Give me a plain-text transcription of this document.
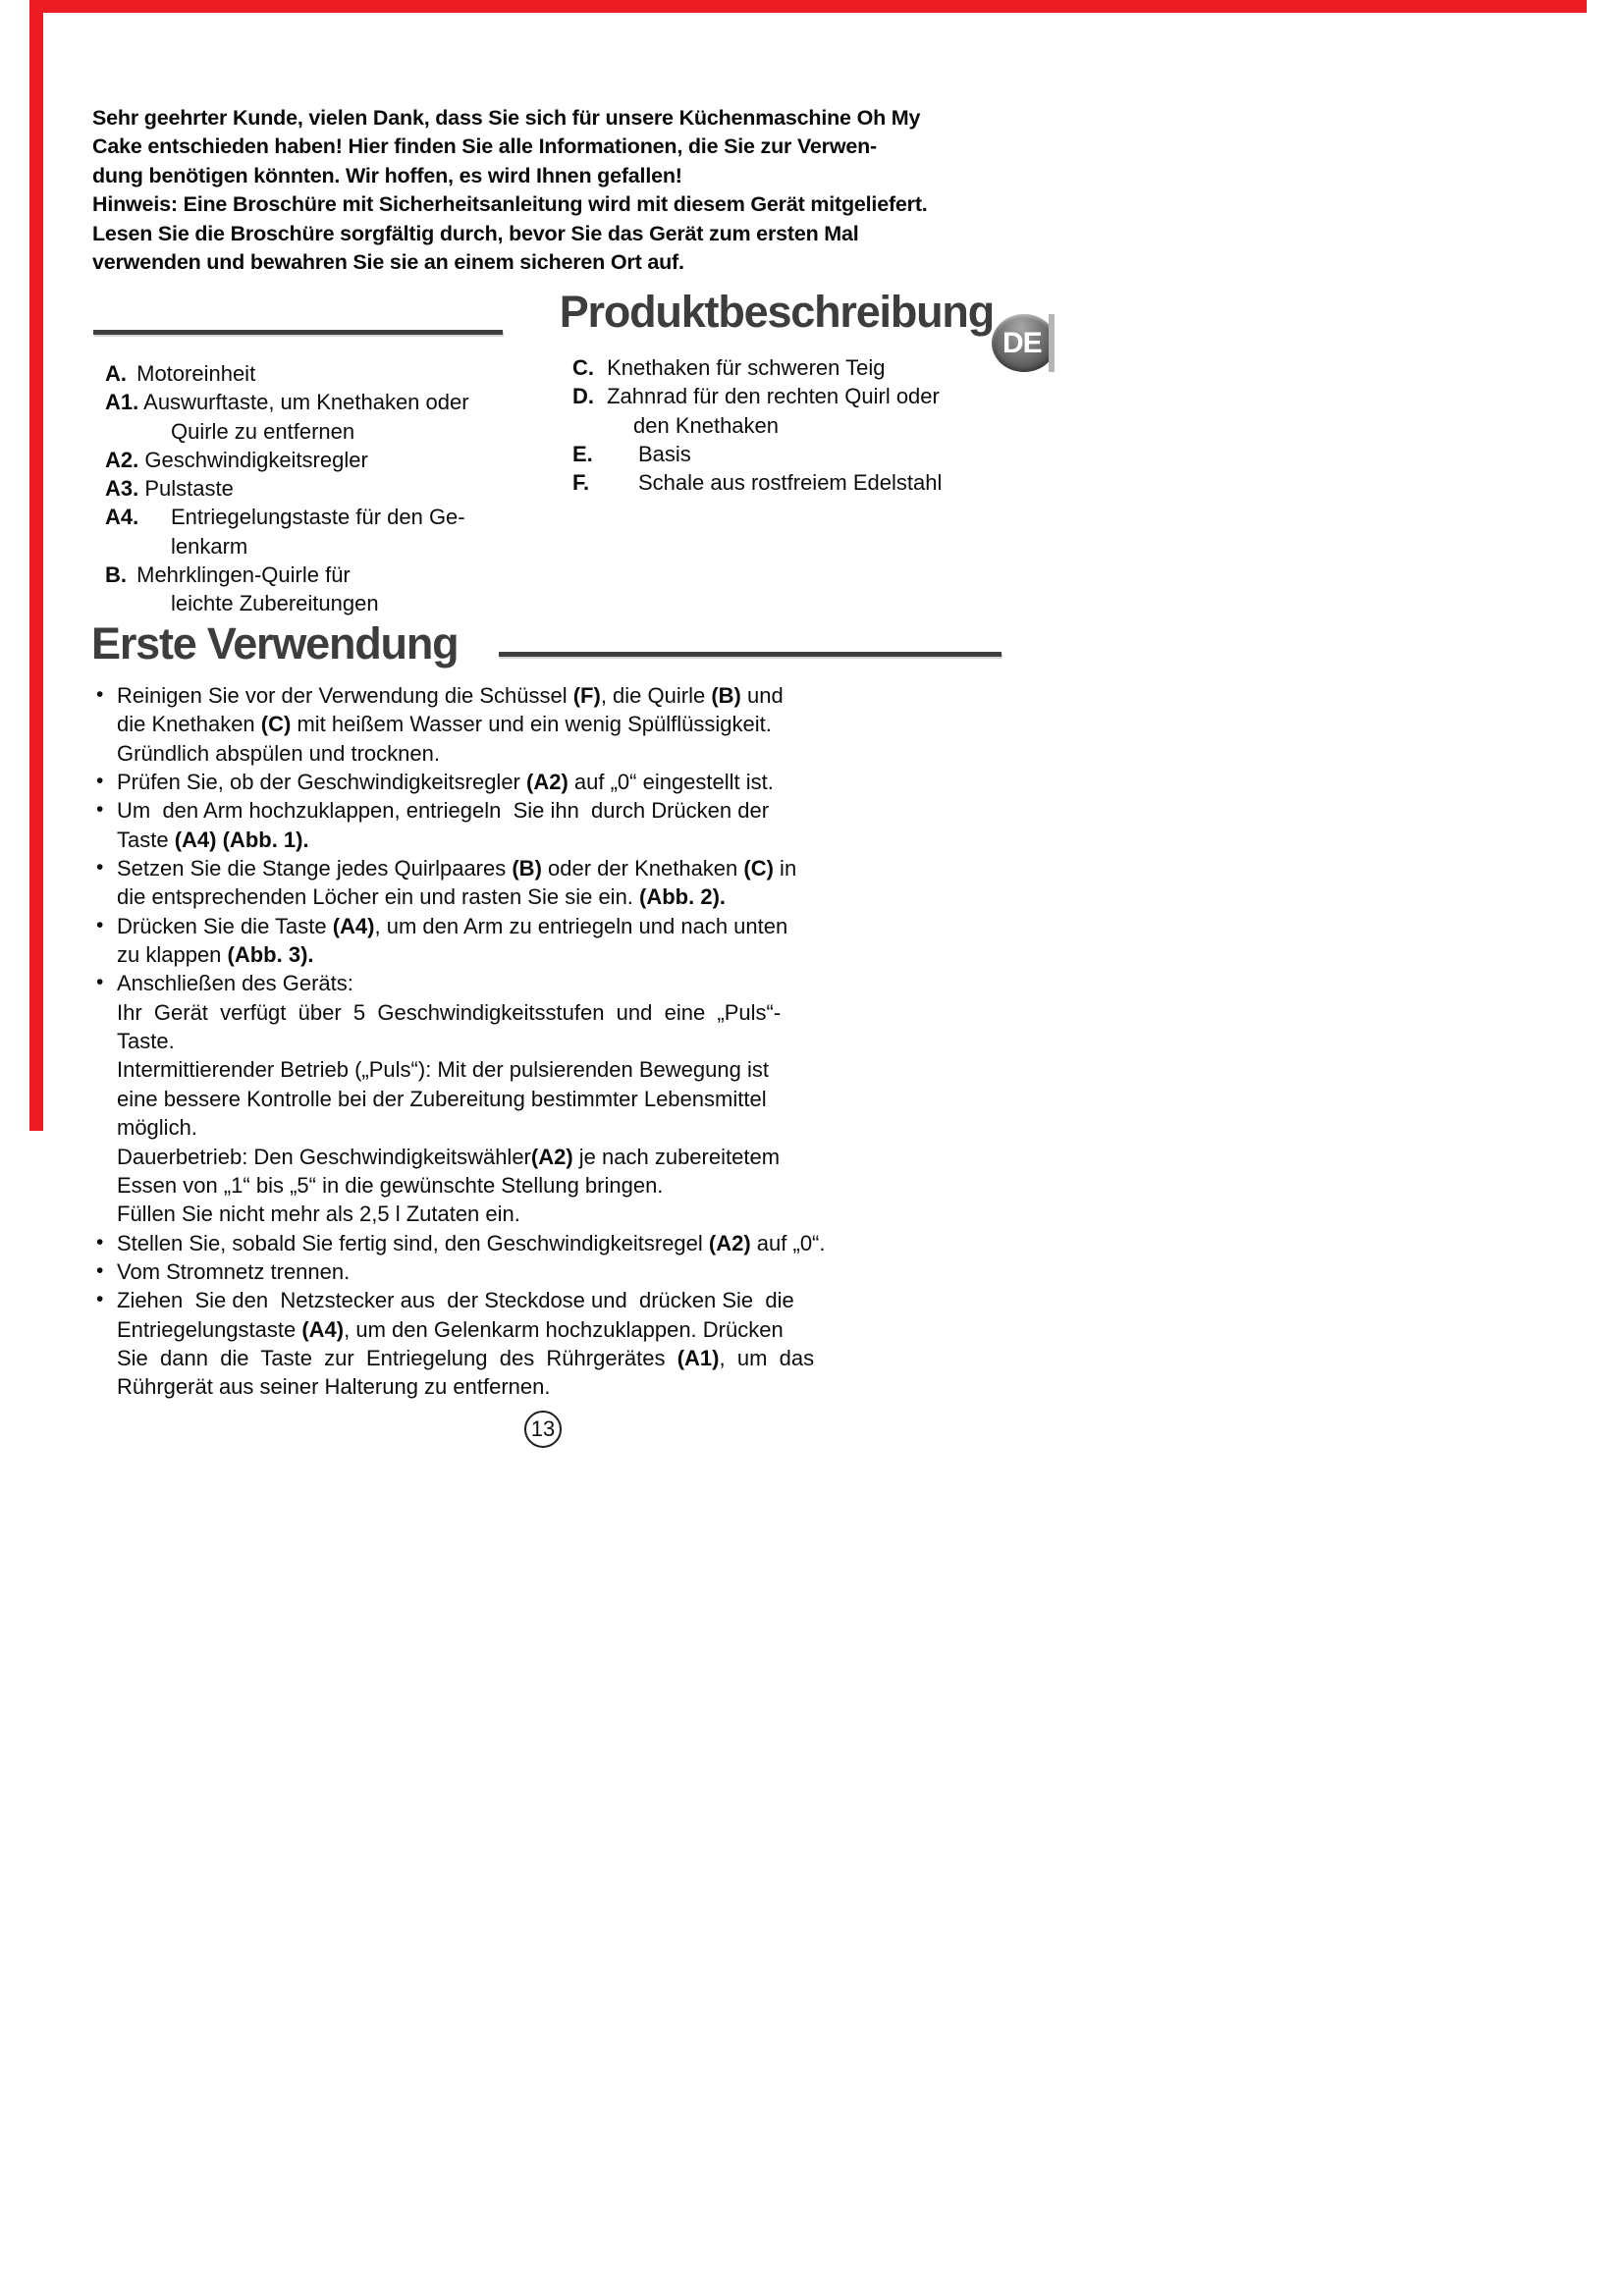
Sehr geehrter Kunde, vielen Dank, dass Sie sich für unsere Küchenmaschine Oh My
Cake entschieden haben! Hier finden Sie alle Informationen, die Sie zur Verwen-
dung benötigen könnten. Wir hoffen, es wird Ihnen gefallen!
Hinweis: Eine Broschüre mit Sicherheitsanleitung wird mit diesem Gerät mitgeliefert.
Lesen Sie die Broschüre sorgfältig durch, bevor Sie das Gerät zum ersten Mal
verwenden und bewahren Sie sie an einem sicheren Ort auf.
Produktbeschreibung
DE
A. Motoreinheit
A1. Auswurftaste, um Knethaken oder
Quirle zu entfernen
A2. Geschwindigkeitsregler
A3. Pulstaste
A4. Entriegelungstaste für den Ge-
lenkarm
B. Mehrklingen-Quirle für
leichte Zubereitungen
C. Knethaken für schweren Teig
D. Zahnrad für den rechten Quirl oder
den Knethaken
E. Basis
F. Schale aus rostfreiem Edelstahl
Erste Verwendung
• Reinigen Sie vor der Verwendung die Schüssel (F), die Quirle (B) und
die Knethaken (C) mit heißem Wasser und ein wenig Spülflüssigkeit.
Gründlich abspülen und trocknen.
• Prüfen Sie, ob der Geschwindigkeitsregler (A2) auf „0“ eingestellt ist.
• Um  den Arm hochzuklappen, entriegeln  Sie ihn  durch Drücken der
Taste (A4) (Abb. 1).
• Setzen Sie die Stange jedes Quirlpaares (B) oder der Knethaken (C) in
die entsprechenden Löcher ein und rasten Sie sie ein. (Abb. 2).
• Drücken Sie die Taste (A4), um den Arm zu entriegeln und nach unten
zu klappen (Abb. 3).
• Anschließen des Geräts:
Ihr  Gerät  verfügt  über  5  Geschwindigkeitsstufen  und  eine  „Puls“-
Taste.
Intermittierender Betrieb („Puls“): Mit der pulsierenden Bewegung ist
eine bessere Kontrolle bei der Zubereitung bestimmter Lebensmittel
möglich.
Dauerbetrieb: Den Geschwindigkeitswähler(A2) je nach zubereitetem
Essen von „1“ bis „5“ in die gewünschte Stellung bringen.
Füllen Sie nicht mehr als 2,5 l Zutaten ein.
• Stellen Sie, sobald Sie fertig sind, den Geschwindigkeitsregel (A2) auf „0“.
• Vom Stromnetz trennen.
• Ziehen  Sie den  Netzstecker aus  der Steckdose und  drücken Sie  die
Entriegelungstaste (A4), um den Gelenkarm hochzuklappen. Drücken
Sie  dann  die  Taste  zur  Entriegelung  des  Rührgerätes  (A1),  um  das
Rührgerät aus seiner Halterung zu entfernen.
13
